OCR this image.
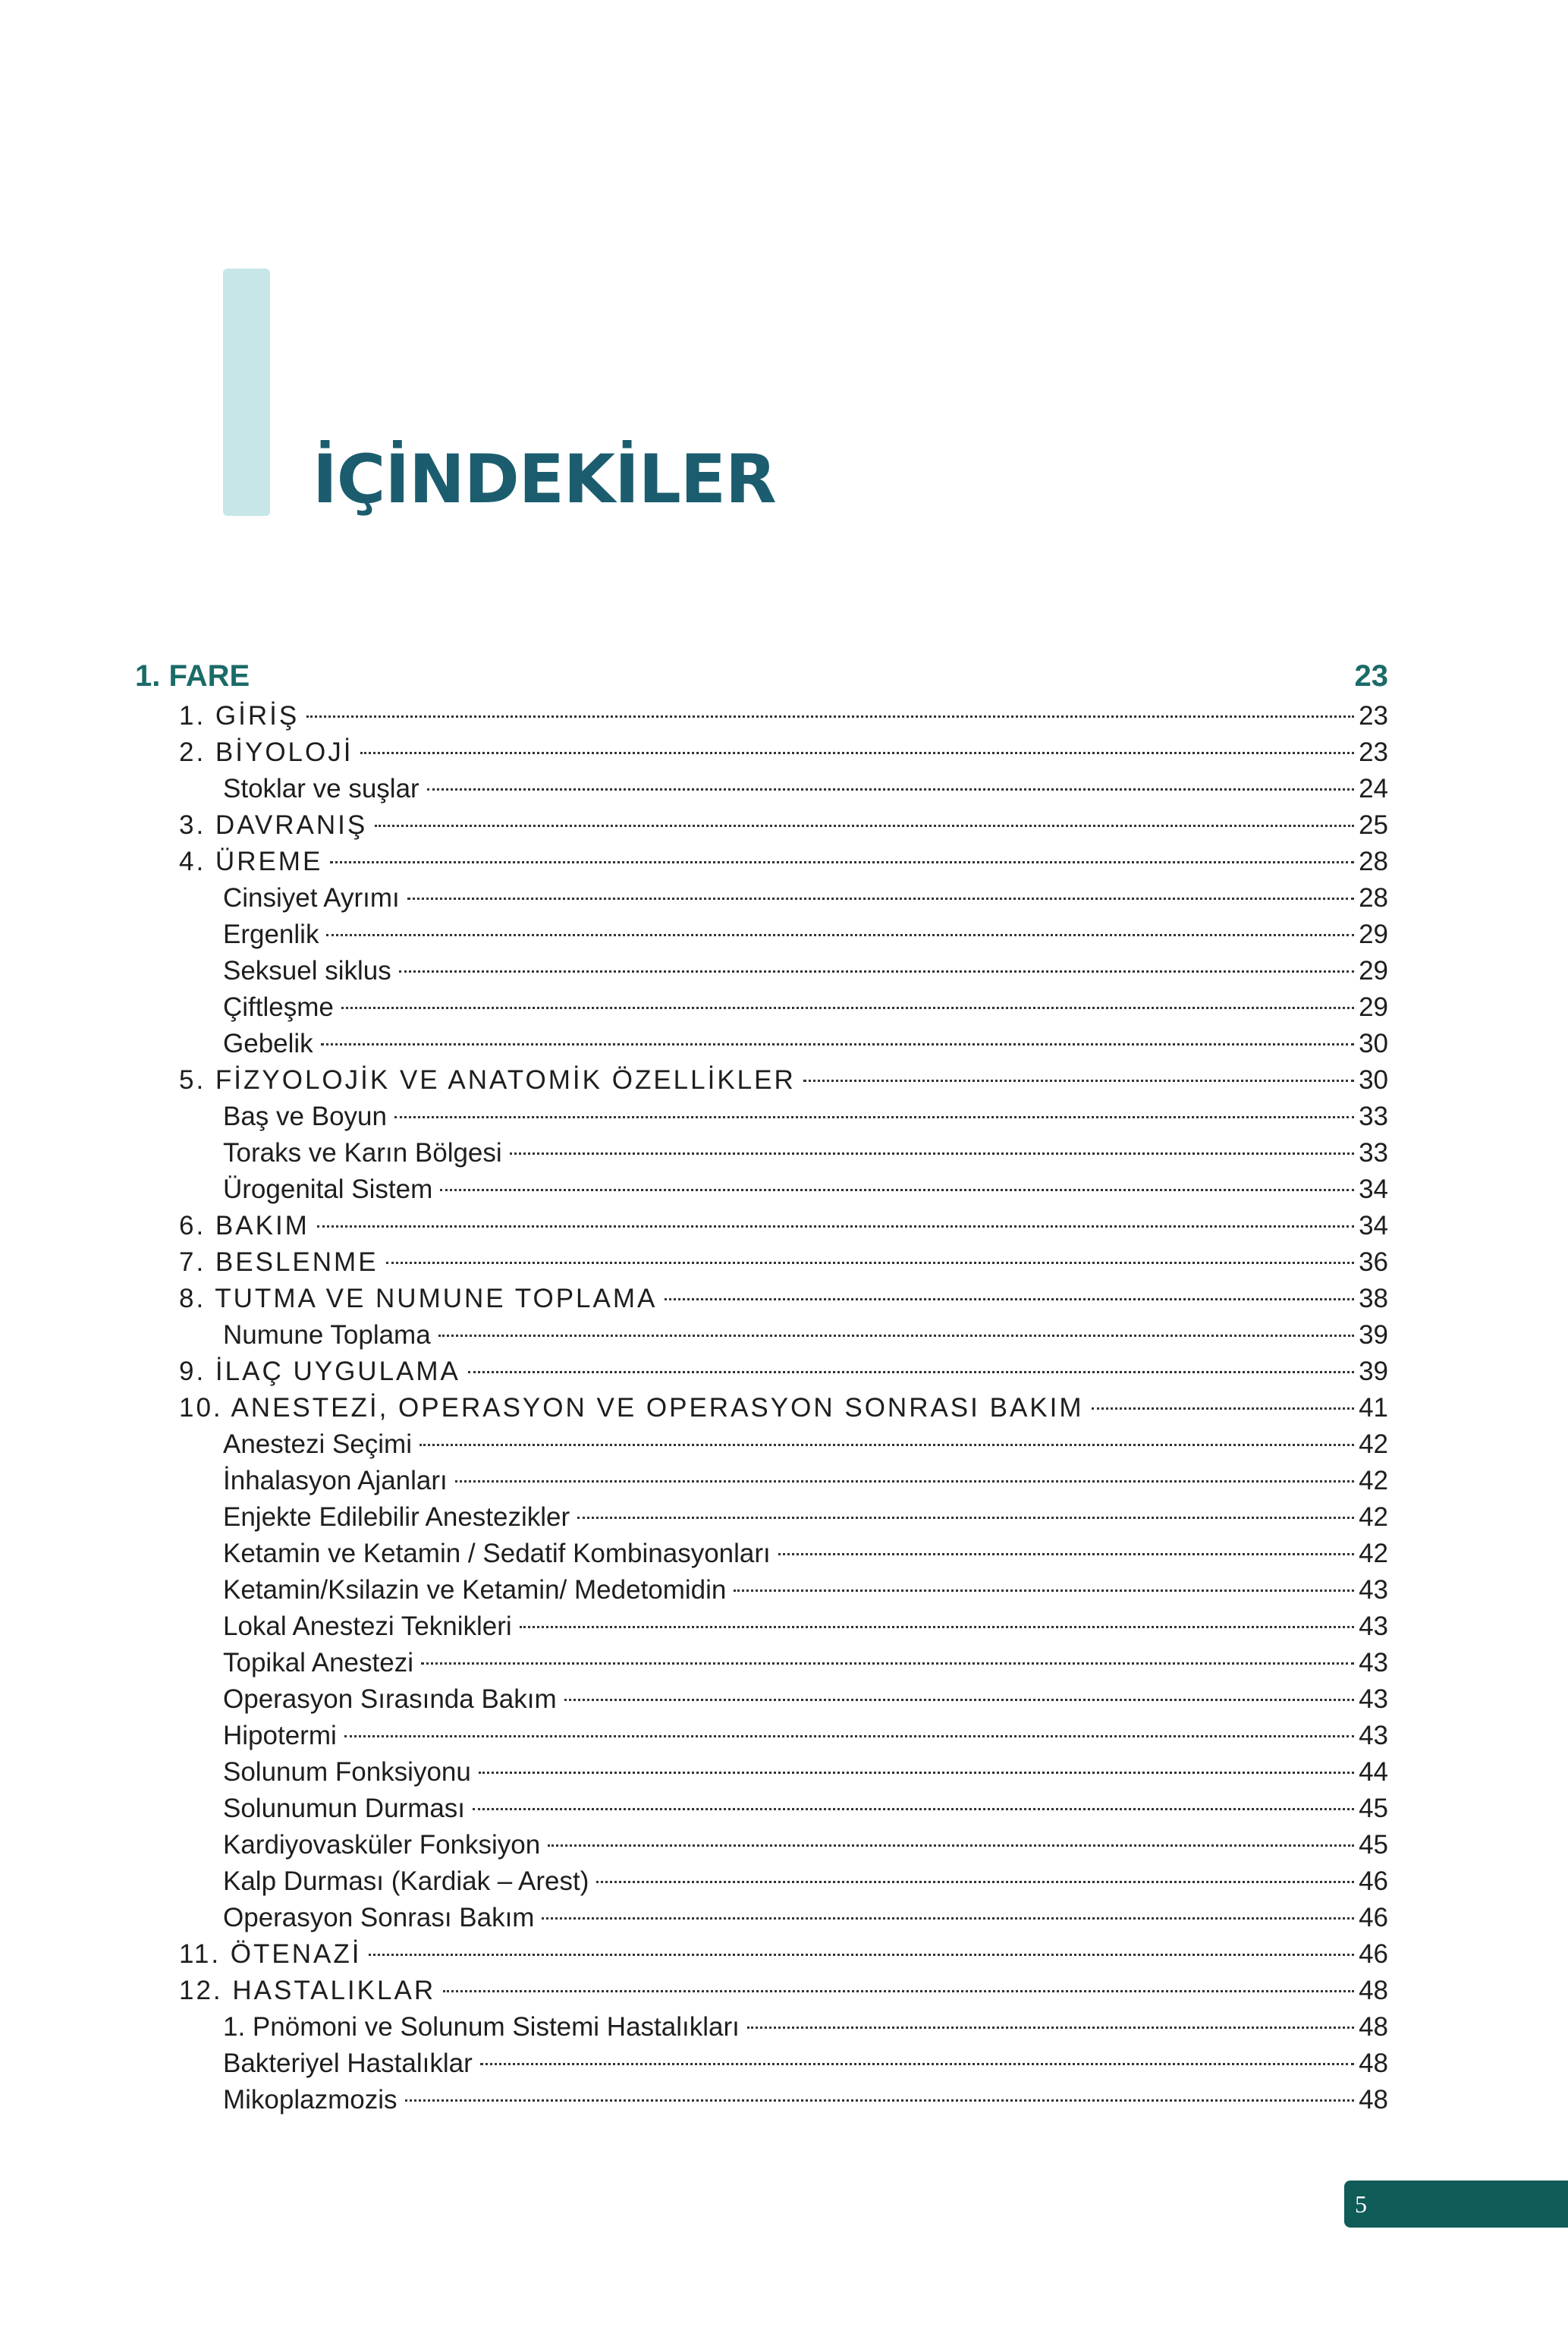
İÇİNDEKİLER
1. FARE	23
1. GİRİŞ	23
2. BİYOLOJİ	23
Stoklar ve suşlar	24
3. DAVRANIŞ	25
4. ÜREME	28
Cinsiyet Ayrımı	28
Ergenlik	29
Seksuel siklus	29
Çiftleşme	29
Gebelik	30
5. FİZYOLOJİK VE ANATOMİK ÖZELLİKLER	30
Baş ve Boyun	33
Toraks ve Karın Bölgesi	33
Ürogenital Sistem	34
6. BAKIM	34
7. BESLENME	36
8. TUTMA VE NUMUNE TOPLAMA	38
Numune Toplama	39
9. İLAÇ UYGULAMA	39
10. ANESTEZİ, OPERASYON VE OPERASYON SONRASI BAKIM	41
Anestezi Seçimi	42
İnhalasyon Ajanları	42
Enjekte Edilebilir Anestezikler	42
Ketamin ve Ketamin / Sedatif Kombinasyonları	42
Ketamin/Ksilazin ve Ketamin/ Medetomidin	43
Lokal Anestezi Teknikleri	43
Topikal Anestezi	43
Operasyon Sırasında Bakım	43
Hipotermi	43
Solunum Fonksiyonu	44
Solunumun Durması	45
Kardiyovasküler Fonksiyon	45
Kalp Durması (Kardiak – Arest)	46
Operasyon Sonrası Bakım	46
11. ÖTENAZİ	46
12. HASTALIKLAR	48
1. Pnömoni ve Solunum Sistemi Hastalıkları	48
Bakteriyel Hastalıklar	48
Mikoplazmozis	48
5
